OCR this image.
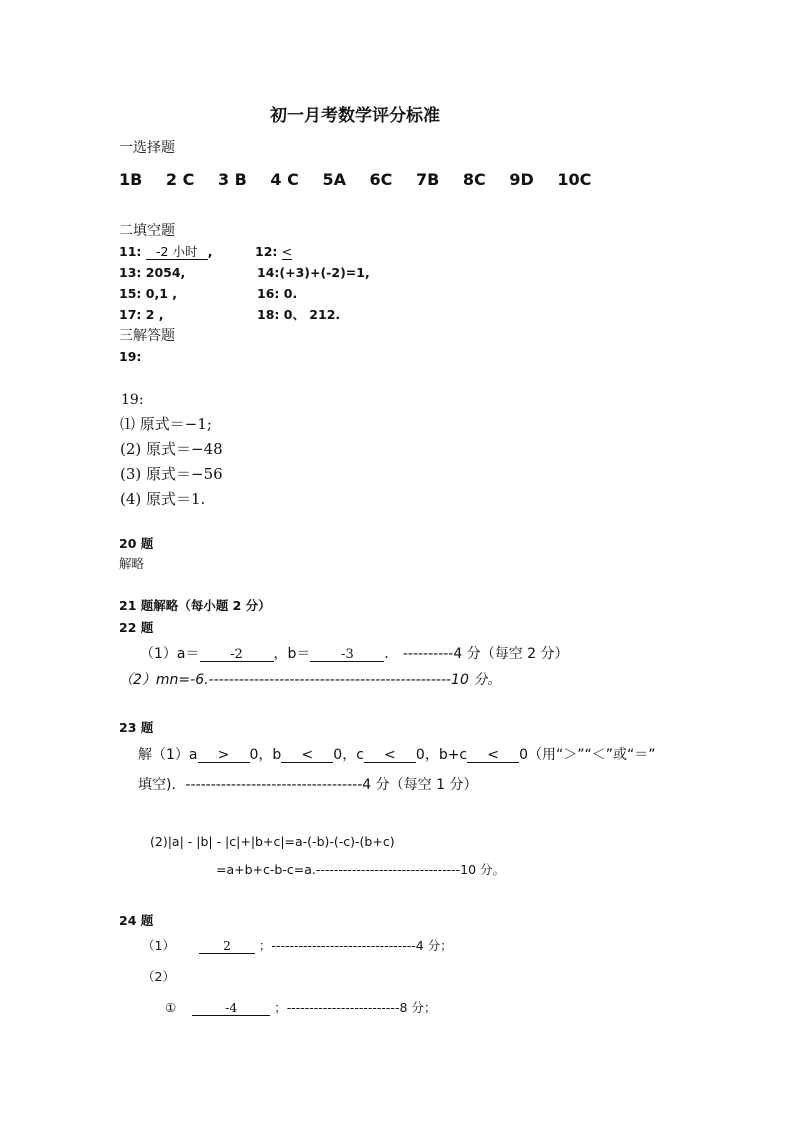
初一月考数学评分标准
一选择题
1B 2 C 3 B 4 C 5A 6C 7B 8C 9D 10C
二填空题
11: -2 小时 ,	12: <
13: 2054,	14:(+3)+(-2)=1,
15: 0,1 ,	16: 0.
17: 2 ,	18: 0、 212.
三解答题
19:
19:
⑴ 原式＝−1;
(2) 原式＝−48
(3) 原式＝−56
(4) 原式＝1.
20 题
解略
21 题解略（每小题 2 分）
22 题
（1）a＝ -2 ，b＝ -3 ． ----------4 分（每空 2 分）
（2）mn=-6.------------------------------------------------10 分。
23 题
解（1）a > 0，b < 0，c < 0，b+c < 0（用“＞”“＜”或“＝”
填空)．-----------------------------------4 分（每空 1 分）
(2)|a| - |b| - |c|+|b+c|=a-(-b)-(-c)-(b+c)
=a+b+c-b-c=a.--------------------------------10 分。
24 题
（1）	2 ；--------------------------------4 分；
（2）
①	-4	；-------------------------8 分；
